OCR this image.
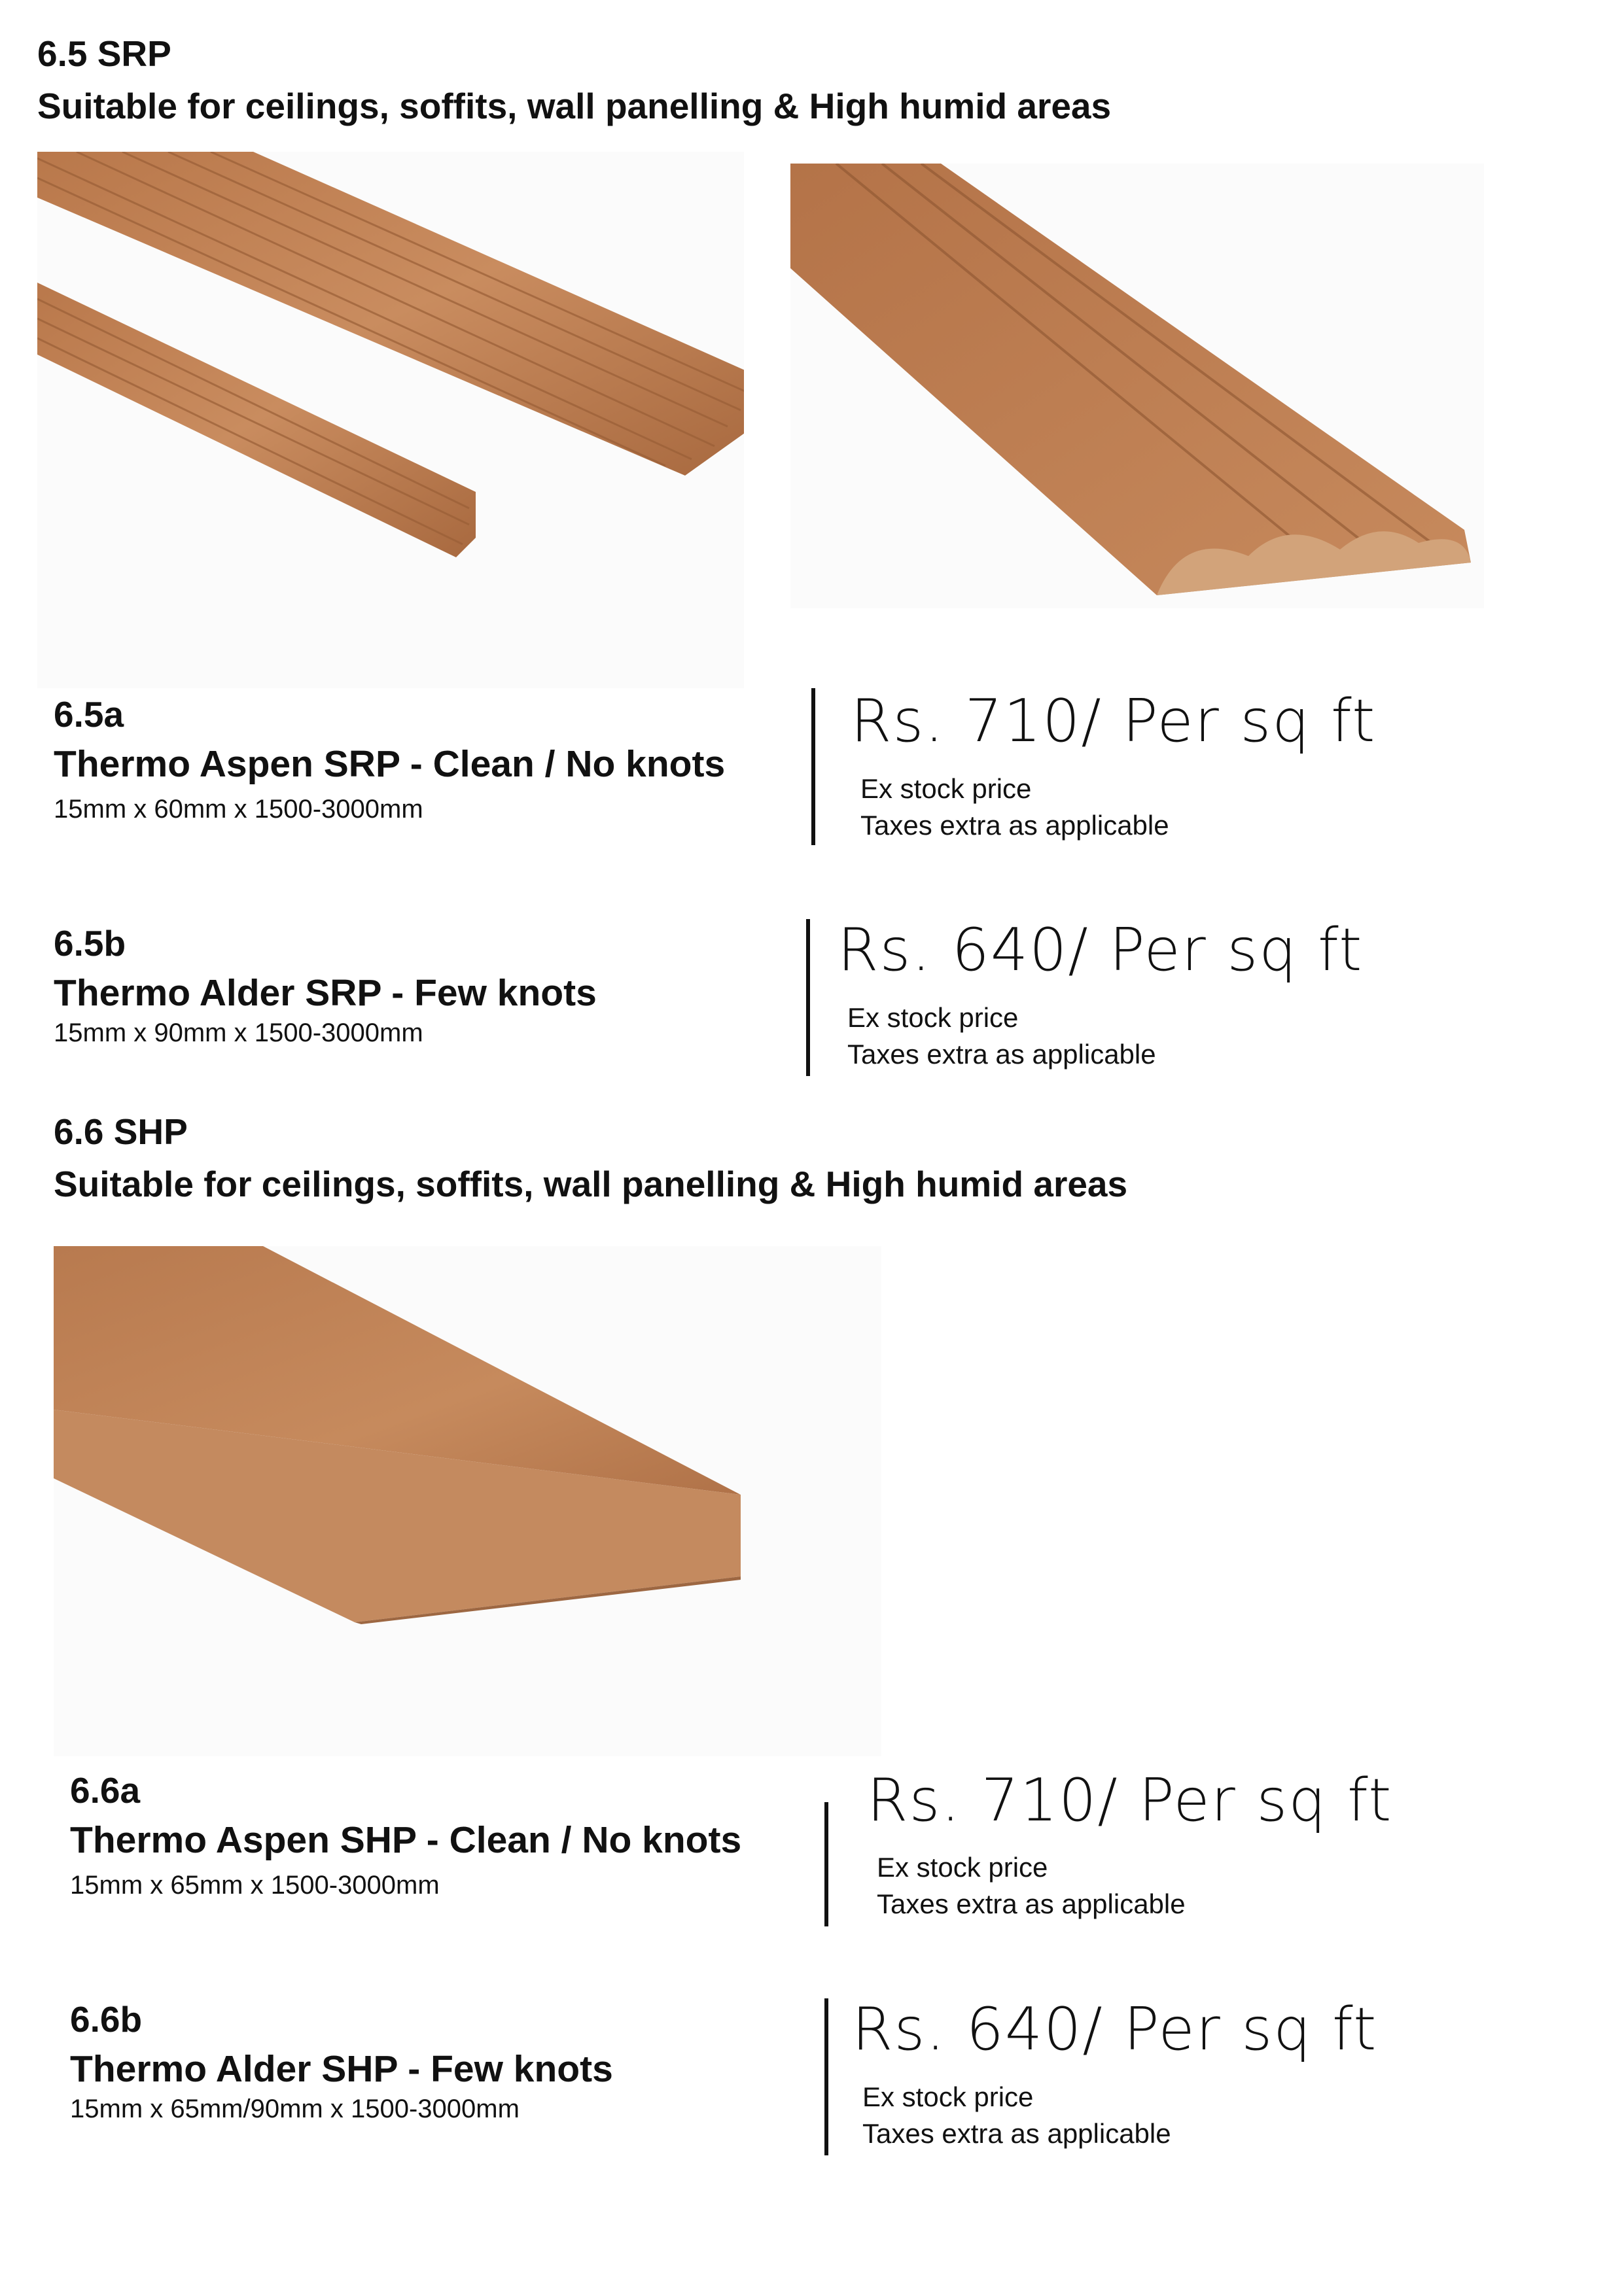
6.5 SRP
Suitable for ceilings, soffits, wall panelling & High humid areas
6.5a
Thermo Aspen SRP - Clean / No knots
15mm x 60mm x 1500-3000mm
Rs. 710/ Per sq ft
Ex stock price
Taxes extra as applicable
6.5b
Thermo Alder SRP - Few knots
15mm x 90mm x 1500-3000mm
Rs. 640/ Per sq ft
Ex stock price
Taxes extra as applicable
6.6 SHP
Suitable for ceilings, soffits, wall panelling & High humid areas
6.6a
Thermo Aspen SHP - Clean / No knots
15mm x 65mm x 1500-3000mm
Rs. 710/ Per sq ft
Ex stock price
Taxes extra as applicable
6.6b
Thermo Alder SHP - Few knots
15mm x 65mm/90mm x 1500-3000mm
Rs. 640/ Per sq ft
Ex stock price
Taxes extra as applicable
